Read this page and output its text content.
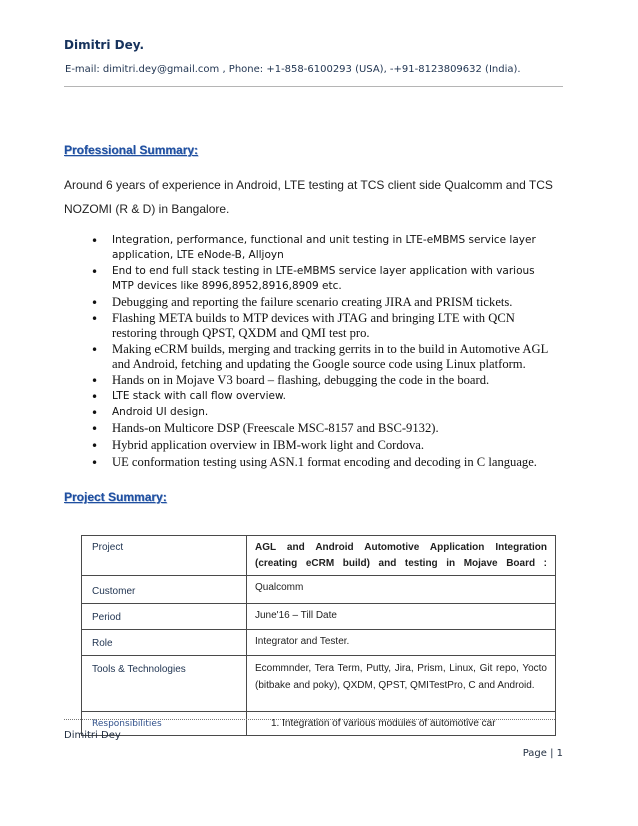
Dimitri Dey.
E-mail: dimitri.dey@gmail.com , Phone: +1-858-6100293 (USA), -+91-8123809632 (India).
Professional Summary:
Around 6 years of experience in Android, LTE testing at TCS client side Qualcomm and TCS
NOZOMI (R & D) in Bangalore.
• Integration, performance, functional and unit testing in LTE-eMBMS service layer application, LTE eNode-B, Alljoyn
• End to end full stack testing in LTE-eMBMS service layer application with various MTP devices like 8996,8952,8916,8909 etc.
• Debugging and reporting the failure scenario creating JIRA and PRISM tickets.
• Flashing META builds to MTP devices with JTAG and bringing LTE with QCN restoring through QPST, QXDM and QMI test pro.
• Making eCRM builds, merging and tracking gerrits in to the build in Automotive AGL and Android, fetching and updating the Google source code using Linux platform.
• Hands on in Mojave V3 board – flashing, debugging the code in the board.
• LTE stack with call flow overview.
• Android UI design.
• Hands-on Multicore DSP (Freescale MSC-8157 and BSC-9132).
• Hybrid application overview in IBM-work light and Cordova.
• UE conformation testing using ASN.1 format encoding and decoding in C language.
Project Summary:
Project	AGL and Android Automotive Application Integration (creating eCRM build) and testing in Mojave Board :
Customer	Qualcomm
Period	June'16 – Till Date
Role	Integrator and Tester.
Tools & Technologies	Ecommnder, Tera Term, Putty, Jira, Prism, Linux, Git repo, Yocto (bitbake and poky), QXDM, QPST, QMITestPro, C and Android.
Responsibilities	1. Integration of various modules of automotive car
Dimitri Dey
Page | 1
